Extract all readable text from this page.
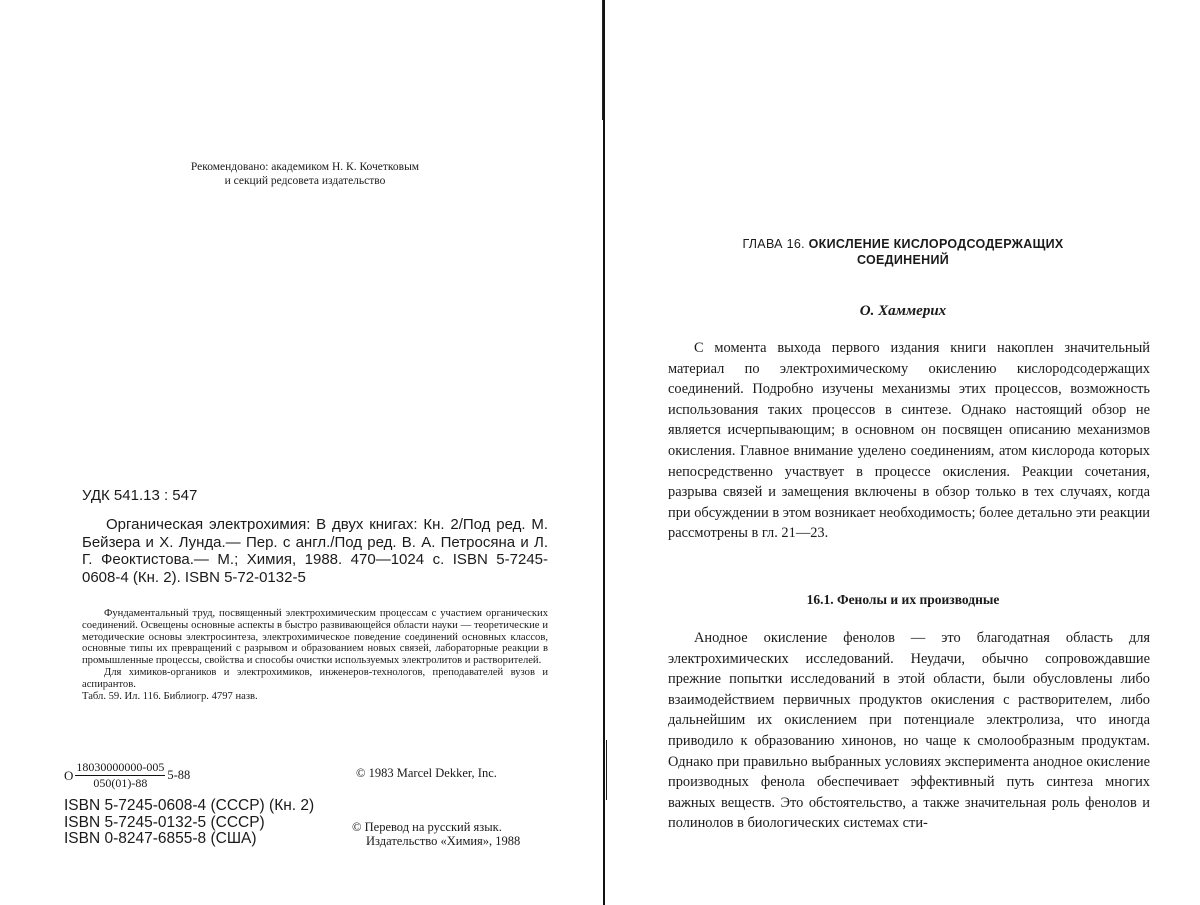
Рекомендовано: академиком Н. К. Кочетковым
и секций редсовета издательство
УДК 541.13 : 547
Органическая электрохимия: В двух книгах: Кн. 2/Под ред. М. Бейзера и Х. Лунда.— Пер. с англ./Под ред. В. А. Петросяна и Л. Г. Феоктистова.— М.; Химия, 1988. 470—1024 с. ISBN 5-7245-0608-4 (Кн. 2). ISBN 5-72-0132-5

Фундаментальный труд, посвященный электрохимическим процессам с участием органических соединений. Освещены основные аспекты в быстро развивающейся области науки — теоретические и методические основы электросинтеза, электрохимическое поведение соединений основных классов, основные типы их превращений с разрывом и образованием новых связей, лабораторные реакции в промышленные процессы, свойства и способы очистки используемых электролитов и растворителей.

Для химиков-органиков и электрохимиков, инженеров-технологов, преподавателей вузов и аспирантов.

Табл. 59. Ил. 116. Библиогр. 4797 назв.

О $\frac{18030000000-005}{050(01)-88} 5-88$	© 1983 Marcel Dekker, Inc.
ISBN 5-7245-0608-4 (СССР) (Кн. 2)
ISBN 5-7245-0132-5 (СССР)
ISBN 0-8247-6855-8 (США)
© Перевод на русский язык.
Издательство «Химия», 1988
ГЛАВА 16. ОКИСЛЕНИЕ КИСЛОРОДСОДЕРЖАЩИХ
СОЕДИНЕНИЙ
О. Хаммерих

С момента выхода первого издания книги накоплен значительный материал по электрохимическому окислению кислородсодержащих соединений. Подробно изучены механизмы этих процессов, возможность использования таких процессов в синтезе. Однако настоящий обзор не является исчерпывающим; в основном он посвящен описанию механизмов окисления. Главное внимание уделено соединениям, атом кислорода которых непосредственно участвует в процессе окисления. Реакции сочетания, разрыва связей и замещения включены в обзор только в тех случаях, когда при обсуждении в этом возникает необходимость; более детально эти реакции рассмотрены в гл. 21—23.

16.1. Фенолы и их производные

Анодное окисление фенолов — это благодатная область для электрохимических исследований. Неудачи, обычно сопровождавшие прежние попытки исследований в этой области, были обусловлены либо взаимодействием первичных продуктов окисления с растворителем, либо дальнейшим их окислением при потенциале электролиза, что иногда приводило к образованию хинонов, но чаще к смолообразным продуктам. Однако при правильно выбранных условиях эксперимента анодное окисление производных фенола обеспечивает эффективный путь синтеза многих важных веществ. Это обстоятельство, а также значительная роль фенолов и полинолов в биологических системах сти-
